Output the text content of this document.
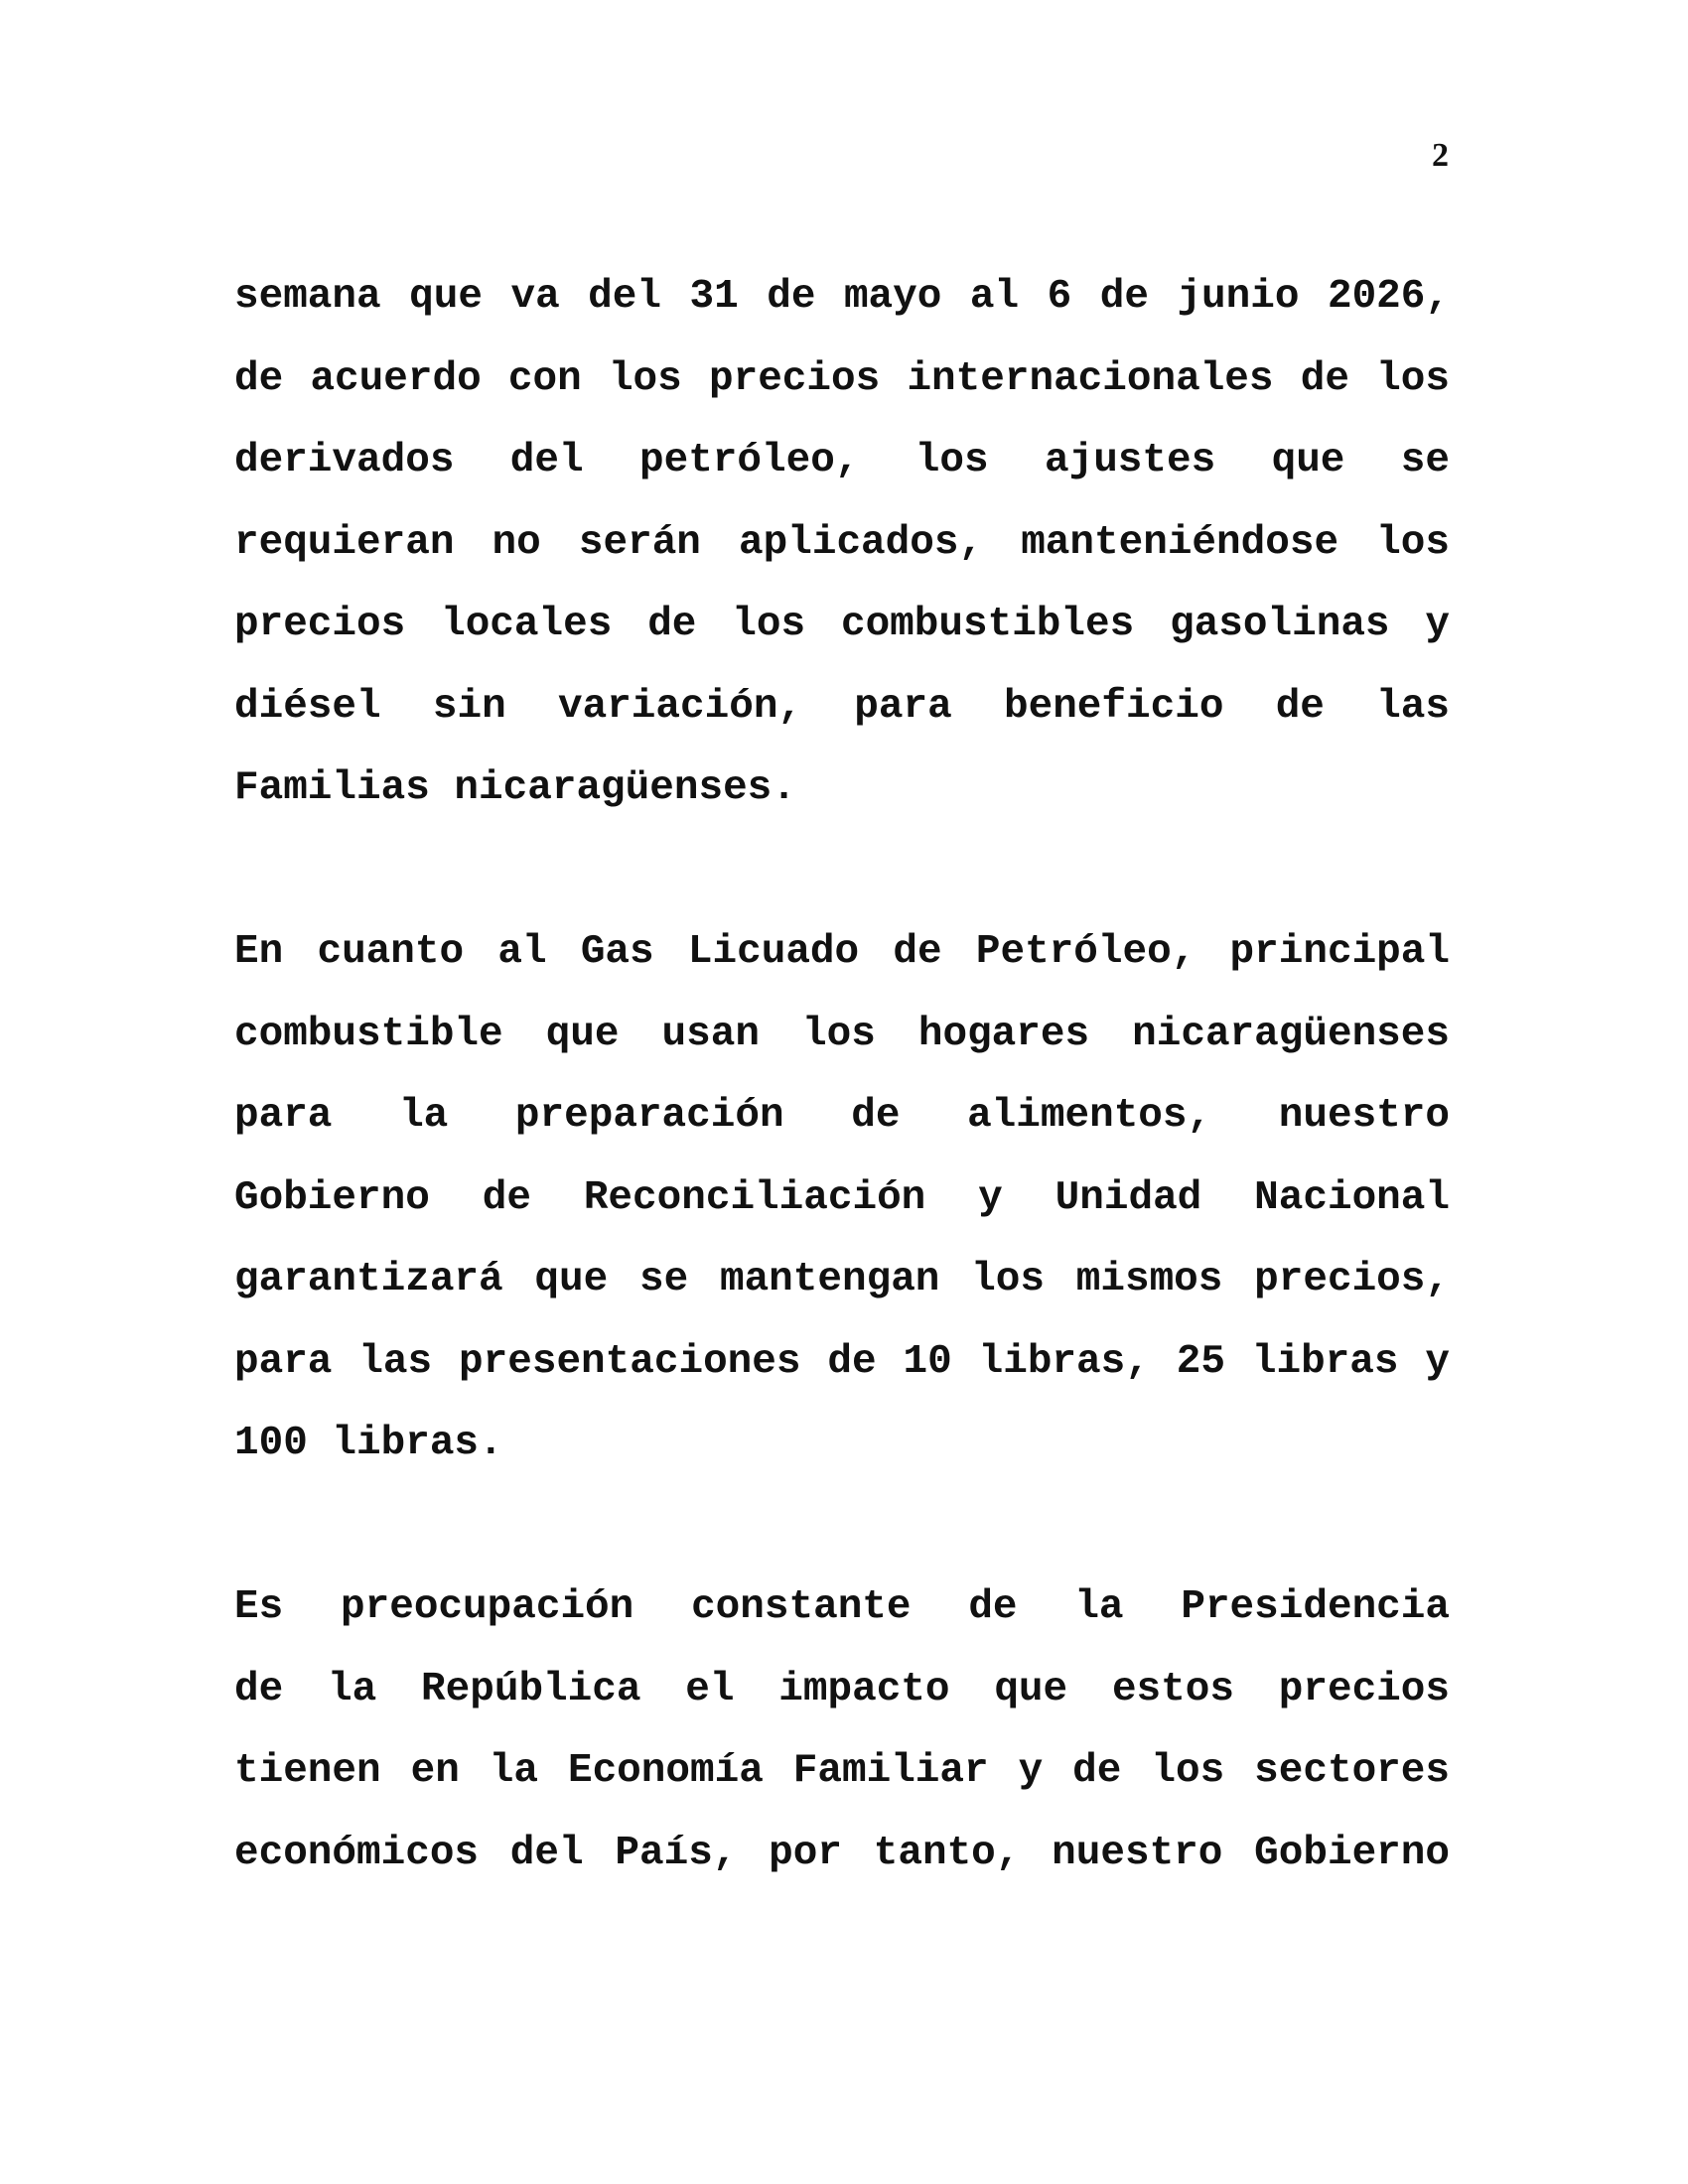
2

semana que va del 31 de mayo al 6 de junio 2026,
de acuerdo con los precios internacionales de los
derivados del petróleo, los ajustes que se
requieran no serán aplicados, manteniéndose los
precios locales de los combustibles gasolinas y
diésel sin variación, para beneficio de las
Familias nicaragüenses.

En cuanto al Gas Licuado de Petróleo, principal
combustible que usan los hogares nicaragüenses
para la preparación de alimentos, nuestro
Gobierno de Reconciliación y Unidad Nacional
garantizará que se mantengan los mismos precios,
para las presentaciones de 10 libras, 25 libras y
100 libras.

Es preocupación constante de la Presidencia
de la República el impacto que estos precios
tienen en la Economía Familiar y de los sectores
económicos del País, por tanto, nuestro Gobierno
